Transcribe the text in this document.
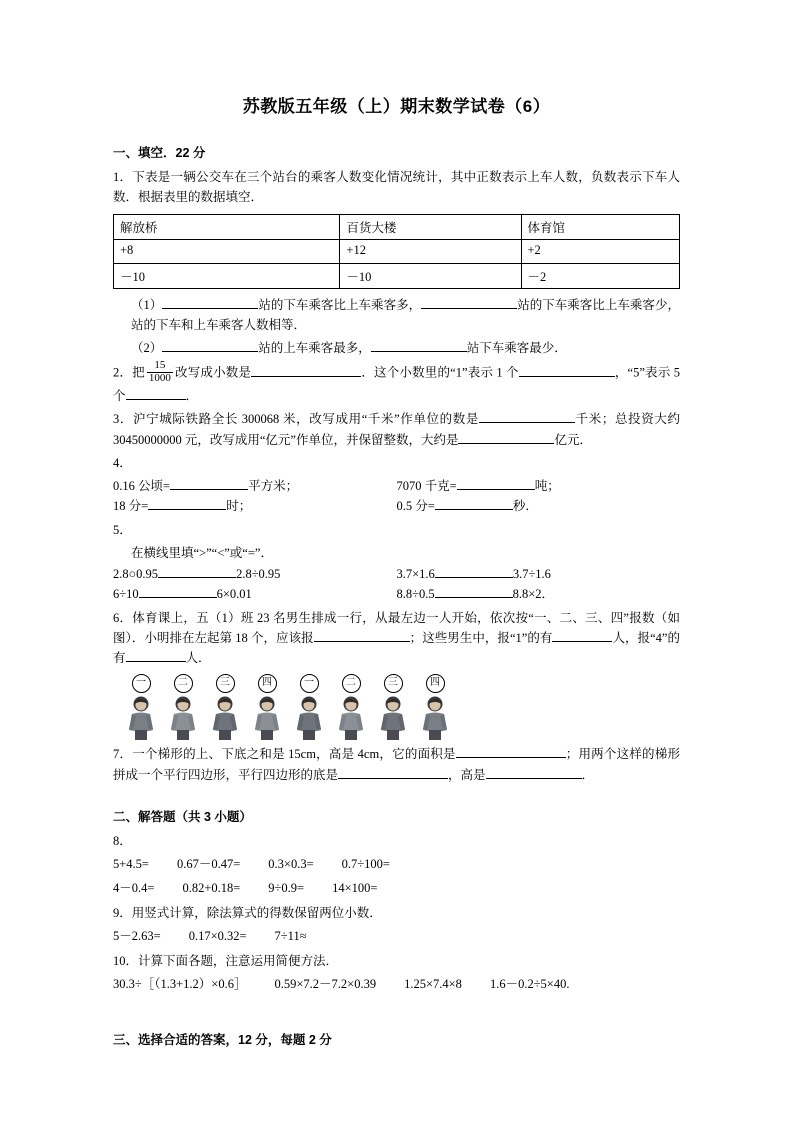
苏教版五年级（上）期末数学试卷（6）
一、填空．22 分
1．下表是一辆公交车在三个站台的乘客人数变化情况统计，其中正数表示上车人数，负数表示下车人数．根据表里的数据填空．
解放桥	百货大楼	体育馆
+8	+12	+2
－10	－10	－2
（1）	站的下车乘客比上车乘客多，	站的下车乘客比上车乘客少，站的下车和上车乘客人数相等．
（2）	站的上车乘客最多，	站下车乘客最少．
2．把 $\frac{15}{1000}$ 改写成小数是	．这个小数里的“1”表示 1 个	，“5”表示 5 个	．
3．沪宁城际铁路全长 300068 米，改写成用“千米”作单位的数是	千米；总投资大约 30450000000 元，改写成用“亿元”作单位，并保留整数，大约是	亿元．
4．
0.16 公顷=	平方米；	7070 千克=	吨；
18 分=	时；	0.5 分=	秒．
5．
在横线里填“>”“<”或“=”．
2.8○0.95	2.8÷0.95	3.7×1.6	3.7÷1.6
6÷10	6×0.01	8.8÷0.5	8.8×2．
6．体育课上，五（1）班 23 名男生排成一行，从最左边一人开始，依次按“一、二、三、四”报数（如图）．小明排在左起第 18 个，应该报	；这些男生中，报“1”的有	人，报“4”的有	人．
一	二	三	四	一	二	三	四
7．一个梯形的上、下底之和是 15cm，高是 4cm，它的面积是	；用两个这样的梯形拼成一个平行四边形，平行四边形的底是	，高是	．
二、解答题（共 3 小题）
8．
5+4.5= 0.67－0.47= 0.3×0.3= 0.7÷100=
4－0.4= 0.82+0.18= 9÷0.9= 14×100=
9．用竖式计算，除法算式的得数保留两位小数．
5－2.63= 0.17×0.32= 7÷11≈
10．计算下面各题，注意运用简便方法．
30.3÷［（1.3+1.2）×0.6］ 0.59×7.2－7.2×0.39 1.25×7.4×8 1.6－0.2÷5×40.
三、选择合适的答案，12 分，每题 2 分
